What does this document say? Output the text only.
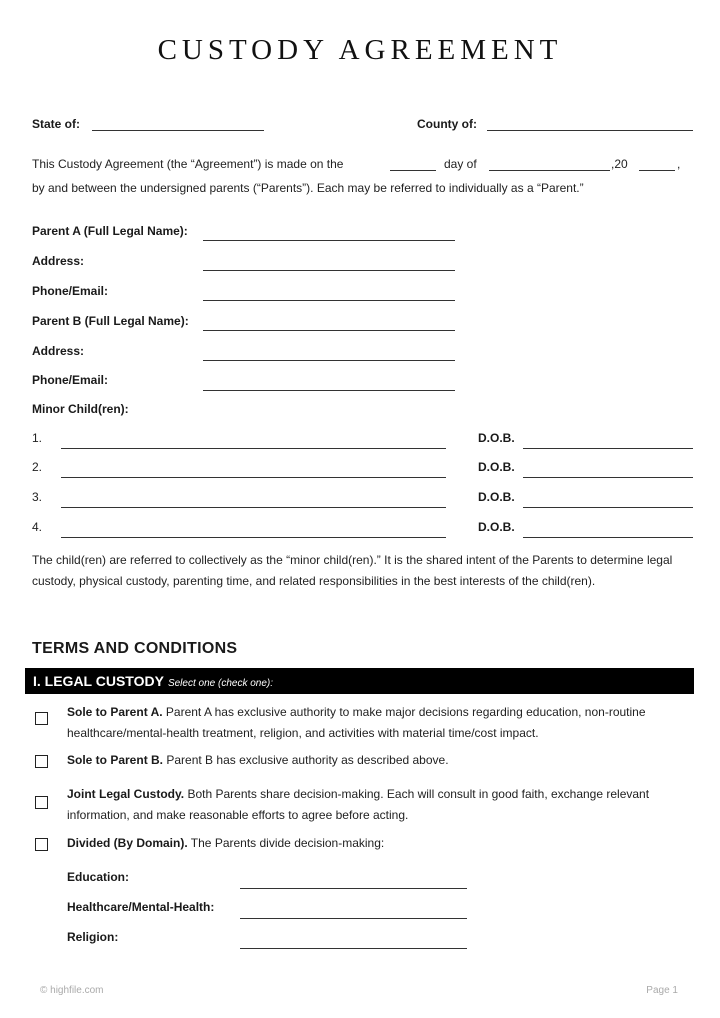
CUSTODY AGREEMENT
State of:	County of:
This Custody Agreement (the “Agreement”) is made on the	day of	,20	,
by and between the undersigned parents (“Parents”). Each may be referred to individually as a “Parent.”
Parent A (Full Legal Name):
Address:
Phone/Email:
Parent B (Full Legal Name):
Address:
Phone/Email:
Minor Child(ren):
1.	D.O.B.
2.	D.O.B.
3.	D.O.B.
4.	D.O.B.
The child(ren) are referred to collectively as the “minor child(ren).” It is the shared intent of the Parents to determine legal custody, physical custody, parenting time, and related responsibilities in the best interests of the child(ren).
TERMS AND CONDITIONS
I. LEGAL CUSTODY Select one (check one):
Sole to Parent A. Parent A has exclusive authority to make major decisions regarding education, non-routine healthcare/mental-health treatment, religion, and activities with material time/cost impact.
Sole to Parent B. Parent B has exclusive authority as described above.
Joint Legal Custody. Both Parents share decision-making. Each will consult in good faith, exchange relevant information, and make reasonable efforts to agree before acting.
Divided (By Domain). The Parents divide decision-making:
Education:
Healthcare/Mental-Health:
Religion:
© highfile.com	Page 1
